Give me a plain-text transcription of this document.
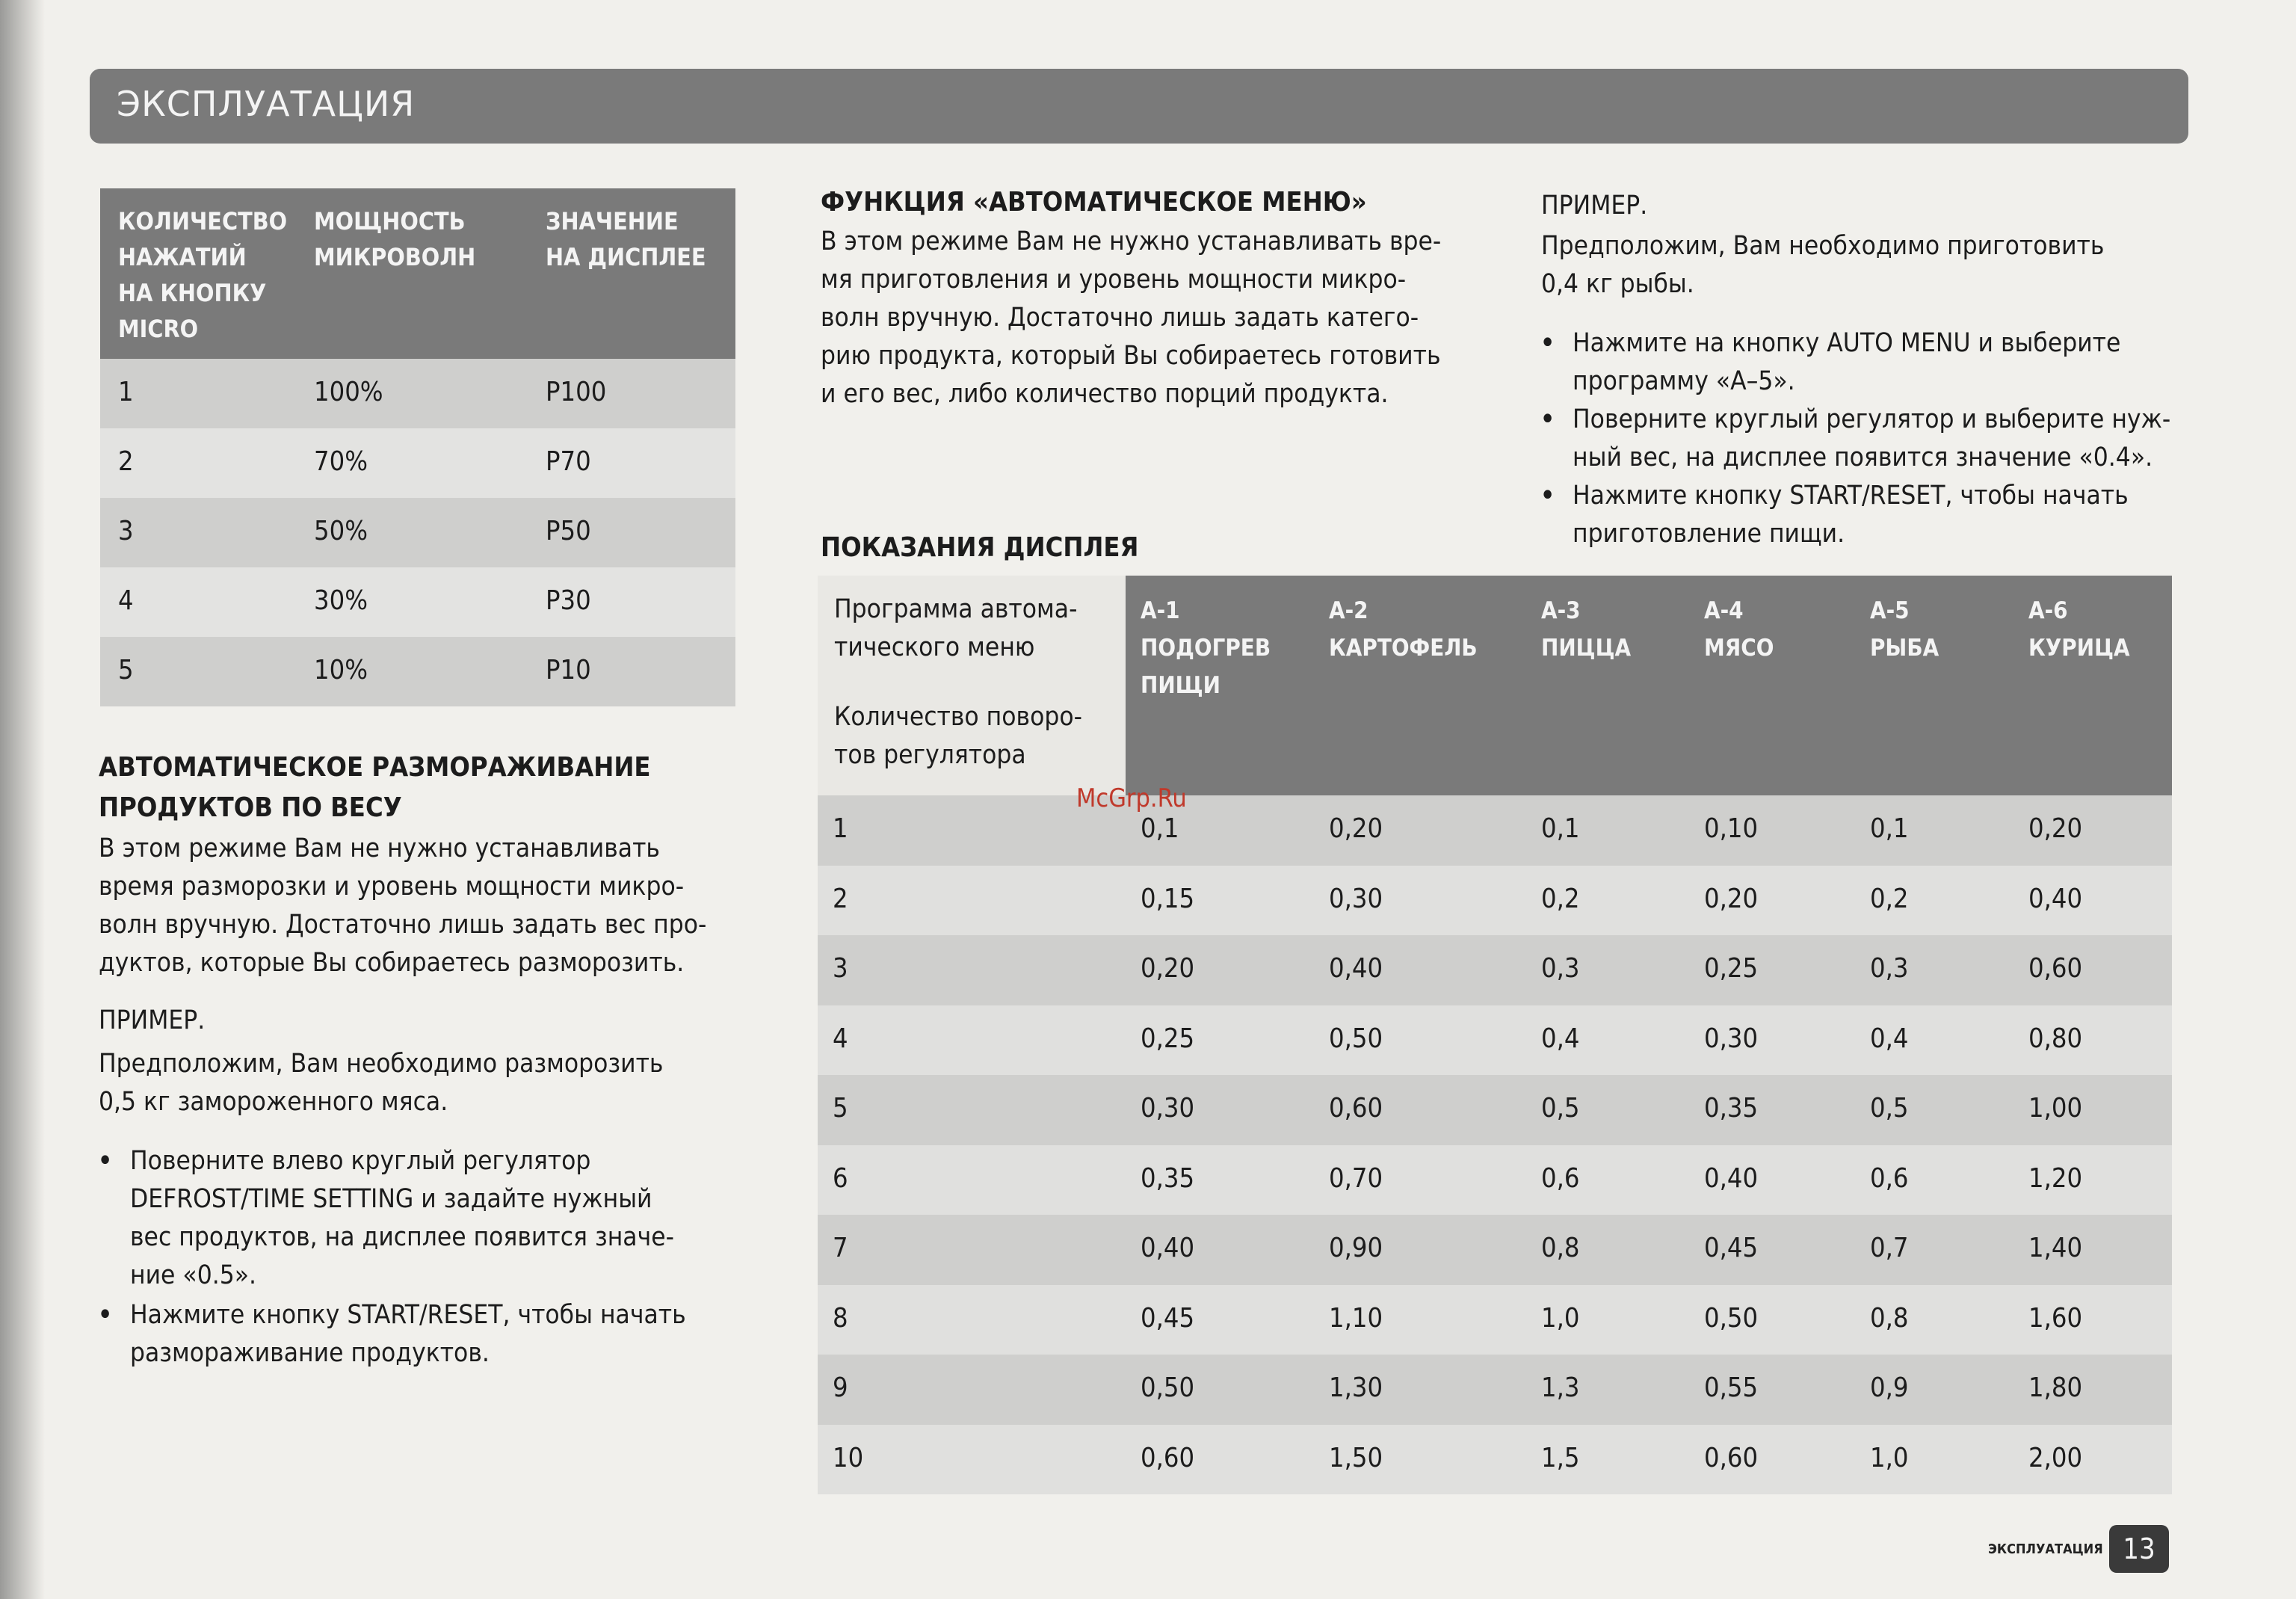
ЭКСПЛУАТАЦИЯ
КОЛИЧЕСТВО
НАЖАТИЙ
НА КНОПКУ
MICRO
МОЩНОСТЬ
МИКРОВОЛН
ЗНАЧЕНИЕ
НА ДИСПЛЕЕ
1	100%	P100
2	70%	P70
3	50%	P50
4	30%	P30
5	10%	P10
АВТОМАТИЧЕСКОЕ РАЗМОРАЖИВАНИЕ
ПРОДУКТОВ ПО ВЕСУ
В этом режиме Вам не нужно устанавливать
время разморозки и уровень мощности микро-
волн вручную. Достаточно лишь задать вес про-
дуктов, которые Вы собираетесь разморозить.
ПРИМЕР.
Предположим, Вам необходимо разморозить
0,5 кг замороженного мяса.
• Поверните влево круглый регулятор
DEFROST/TIME SETTING и задайте нужный
вес продуктов, на дисплее появится значе-
ние «0.5».
• Нажмите кнопку START/RESET, чтобы начать
размораживание продуктов.
ФУНКЦИЯ «АВТОМАТИЧЕСКОЕ МЕНЮ»
В этом режиме Вам не нужно устанавливать вре-
мя приготовления и уровень мощности микро-
волн вручную. Достаточно лишь задать катего-
рию продукта, который Вы собираетесь готовить
и его вес, либо количество порций продукта.
ПРИМЕР.
Предположим, Вам необходимо приготовить
0,4 кг рыбы.
• Нажмите на кнопку AUTO MENU и выберите
программу «А–5».
• Поверните круглый регулятор и выберите нуж-
ный вес, на дисплее появится значение «0.4».
• Нажмите кнопку START/RESET, чтобы начать
приготовление пищи.
ПОКАЗАНИЯ ДИСПЛЕЯ
Программа автома-
тического меню
Количество поворо-
тов регулятора
А-1
ПОДОГРЕВ
ПИЩИ
А-2
КАРТОФЕЛЬ
А-3
ПИЦЦА
А-4
МЯСО
А-5
РЫБА
А-6
КУРИЦА
1	0,1	0,20	0,1	0,10	0,1	0,20
2	0,15	0,30	0,2	0,20	0,2	0,40
3	0,20	0,40	0,3	0,25	0,3	0,60
4	0,25	0,50	0,4	0,30	0,4	0,80
5	0,30	0,60	0,5	0,35	0,5	1,00
6	0,35	0,70	0,6	0,40	0,6	1,20
7	0,40	0,90	0,8	0,45	0,7	1,40
8	0,45	1,10	1,0	0,50	0,8	1,60
9	0,50	1,30	1,3	0,55	0,9	1,80
10	0,60	1,50	1,5	0,60	1,0	2,00
McGrp.Ru
ЭКСПЛУАТАЦИЯ 13
